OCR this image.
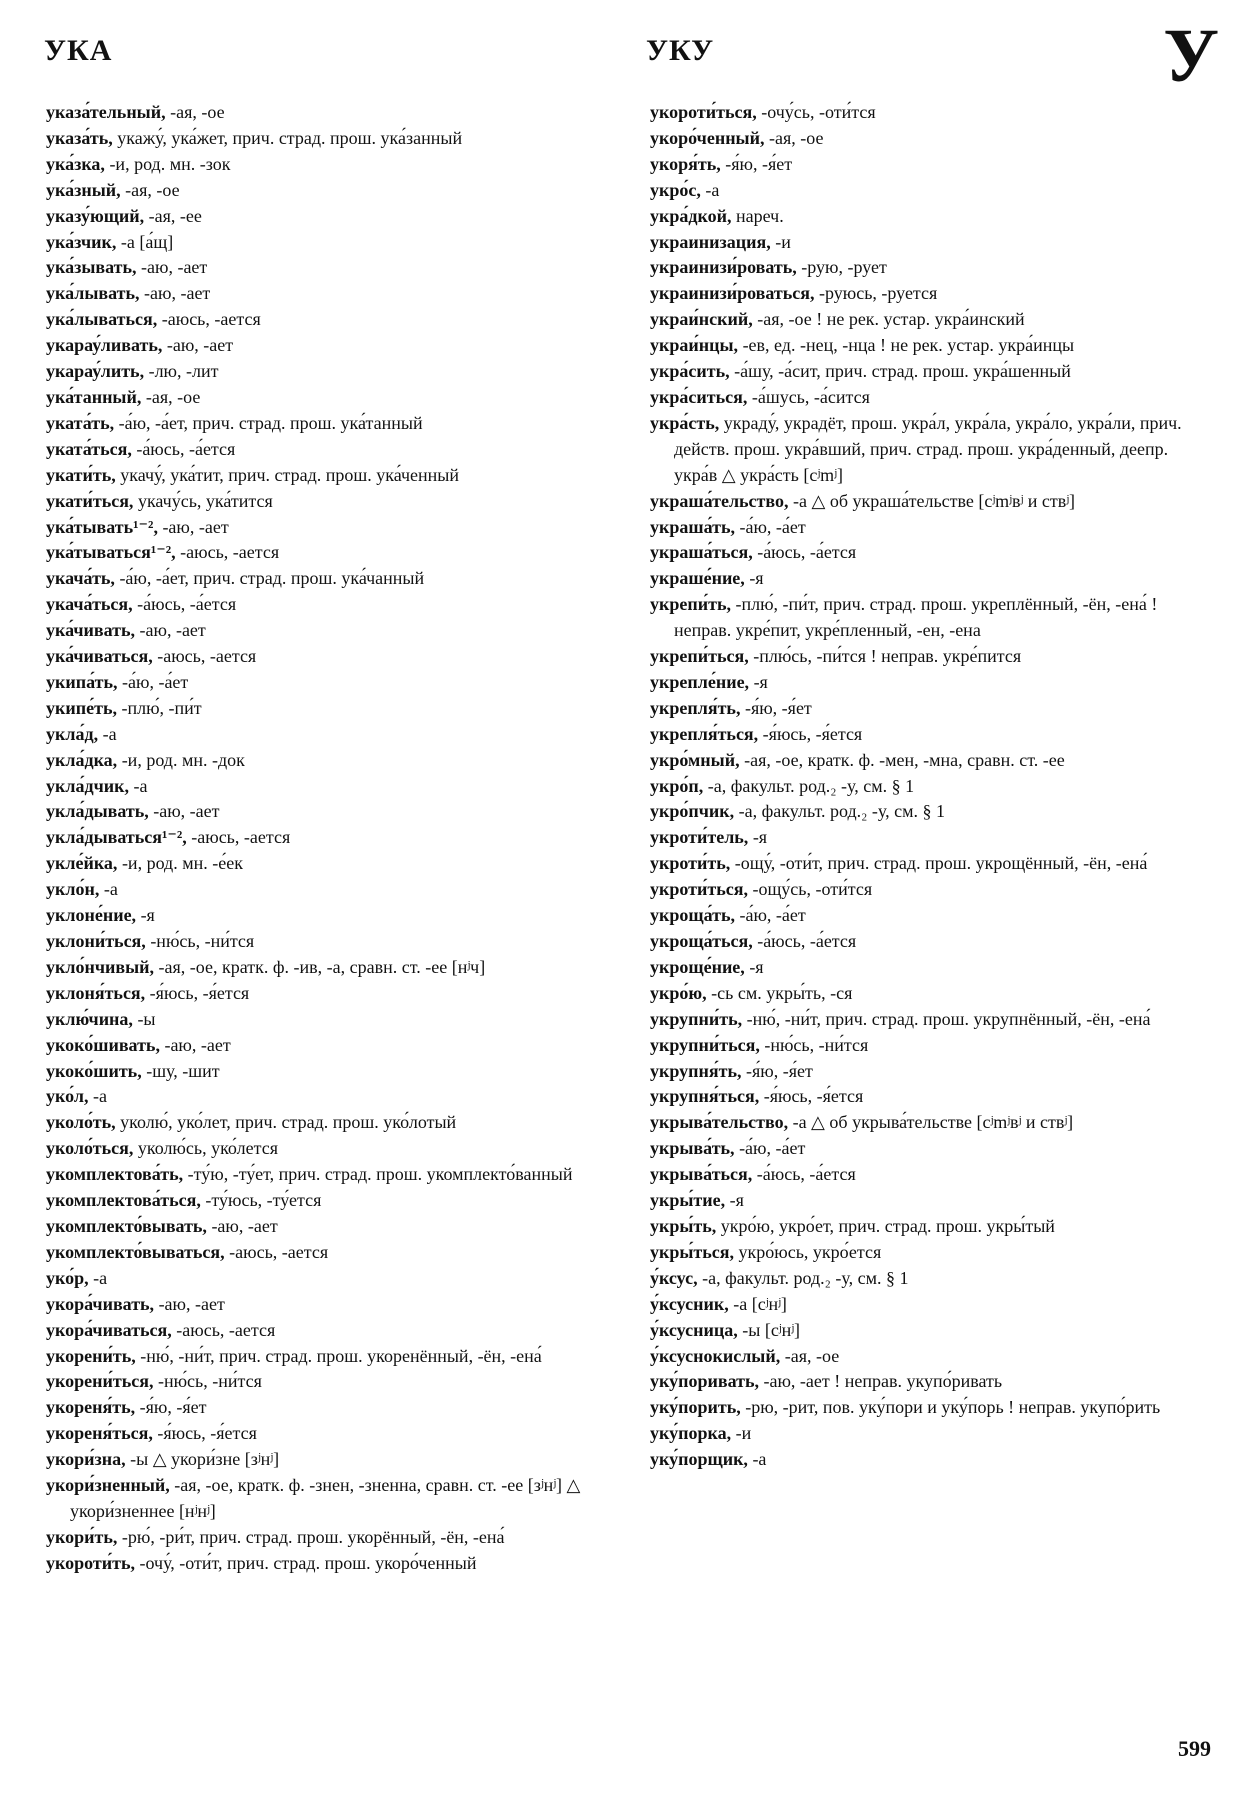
УКА	УКУ	У
указа́тельный, -ая, -ое
указа́ть, укажу́, ука́жет, прич. страд. прош. ука́занный
ука́зка, -и, род. мн. -зок
ука́зный, -ая, -ое
указу́ющий, -ая, -ее
ука́зчик, -а [а́щ]
ука́зывать, -аю, -ает
ука́лывать, -аю, -ает
ука́лываться, -аюсь, -ается
укарау́ливать, -аю, -ает
укарау́лить, -лю, -лит
ука́танный, -ая, -ое
уката́ть, -а́ю, -а́ет, прич. страд. прош. ука́танный
уката́ться, -а́юсь, -а́ется
укати́ть, укачу́, ука́тит, прич. страд. прош. ука́ченный
укати́ться, укачу́сь, ука́тится
ука́тывать¹⁻², -аю, -ает
ука́тываться¹⁻², -аюсь, -ается
укача́ть, -а́ю, -а́ет, прич. страд. прош. ука́чанный
укача́ться, -а́юсь, -а́ется
ука́чивать, -аю, -ает
ука́чиваться, -аюсь, -ается
укипа́ть, -а́ю, -а́ет
укипе́ть, -плю́, -пи́т
укла́д, -а
укла́дка, -и, род. мн. -док
укла́дчик, -а
укла́дывать, -аю, -ает
укла́дываться¹⁻², -аюсь, -ается
укле́йка, -и, род. мн. -е́ек
укло́н, -а
уклоне́ние, -я
уклони́ться, -ню́сь, -ни́тся
укло́нчивый, -ая, -ое, кратк. ф. -ив, -а, сравн. ст. -ее [нʲч]
уклоня́ться, -я́юсь, -я́ется
уклю́чина, -ы
укоко́шивать, -аю, -ает
укоко́шить, -шу, -шит
уко́л, -а
уколо́ть, уколю́, уко́лет, прич. страд. прош. уко́лотый
уколо́ться, уколю́сь, уко́лется
укомплектова́ть, -ту́ю, -ту́ет, прич. страд. прош. укомплекто́ванный
укомплектова́ться, -ту́юсь, -ту́ется
укомплекто́вывать, -аю, -ает
укомплекто́вываться, -аюсь, -ается
уко́р, -а
укора́чивать, -аю, -ает
укора́чиваться, -аюсь, -ается
укорени́ть, -ню́, -ни́т, прич. страд. прош. укоренённый, -ён, -ена́
укорени́ться, -ню́сь, -ни́тся
укореня́ть, -я́ю, -я́ет
укореня́ться, -я́юсь, -я́ется
укори́зна, -ы △ укори́зне [зʲнʲ]
укори́зненный, -ая, -ое, кратк. ф. -знен, -зненна, сравн. ст. -ее [зʲнʲ] △ укори́зненнее [нʲнʲ]
укори́ть, -рю́, -ри́т, прич. страд. прош. укорённый, -ён, -ена́
укороти́ть, -очу́, -оти́т, прич. страд. прош. укоро́ченный
укороти́ться, -очу́сь, -оти́тся
укоро́ченный, -ая, -ое
укоря́ть, -я́ю, -я́ет
укро́с, -а
укра́дкой, нареч.
украинизация, -и
украинизи́ровать, -рую, -рует
украинизи́роваться, -руюсь, -руется
украи́нский, -ая, -ое ! не рек. устар. укра́инский
украи́нцы, -ев, ед. -нец, -нца ! не рек. устар. укра́инцы
укра́сить, -а́шу, -а́сит, прич. страд. прош. укра́шенный
укра́ситься, -а́шусь, -а́сится
укра́сть, украду́, украдёт, прош. укра́л, укра́ла, укра́ло, укра́ли, прич. действ. прош. укра́вший, прич. страд. прош. укра́денный, деепр. укра́в △ укра́сть [cʲmʲ]
украша́тельство, -а △ об украша́тельстве [cʲmʲвʲ и ствʲ]
украша́ть, -а́ю, -а́ет
украша́ться, -а́юсь, -а́ется
украше́ние, -я
укрепи́ть, -плю́, -пи́т, прич. страд. прош. укреплённый, -ён, -ена́ ! неправ. укре́пит, укре́пленный, -ен, -ена
укрепи́ться, -плю́сь, -пи́тся ! неправ. укре́пится
укрепле́ние, -я
укрепля́ть, -я́ю, -я́ет
укрепля́ться, -я́юсь, -я́ется
укро́мный, -ая, -ое, кратк. ф. -мен, -мна, сравн. ст. -ее
укро́п, -а, факульт. род.₂ -у, см. § 1
укро́пчик, -а, факульт. род.₂ -у, см. § 1
укроти́тель, -я
укроти́ть, -ощу́, -оти́т, прич. страд. прош. укрощённый, -ён, -ена́
укроти́ться, -ощу́сь, -оти́тся
укроща́ть, -а́ю, -а́ет
укроща́ться, -а́юсь, -а́ется
укроще́ние, -я
укро́ю, -сь см. укры́ть, -ся
укрупни́ть, -ню́, -ни́т, прич. страд. прош. укрупнённый, -ён, -ена́
укрупни́ться, -ню́сь, -ни́тся
укрупня́ть, -я́ю, -я́ет
укрупня́ться, -я́юсь, -я́ется
укрыва́тельство, -а △ об укрыва́тельстве [cʲmʲвʲ и ствʲ]
укрыва́ть, -а́ю, -а́ет
укрыва́ться, -а́юсь, -а́ется
укры́тие, -я
укры́ть, укро́ю, укро́ет, прич. страд. прош. укры́тый
укры́ться, укро́юсь, укро́ется
у́ксус, -а, факульт. род.₂ -у, см. § 1
у́ксусник, -а [cʲнʲ]
у́ксусница, -ы [cʲнʲ]
у́ксуснокислый, -ая, -ое
уку́поривать, -аю, -ает ! неправ. укупо́ривать
уку́порить, -рю, -рит, пов. уку́пори и уку́порь ! неправ. укупо́рить
уку́порка, -и
уку́порщик, -а
599
